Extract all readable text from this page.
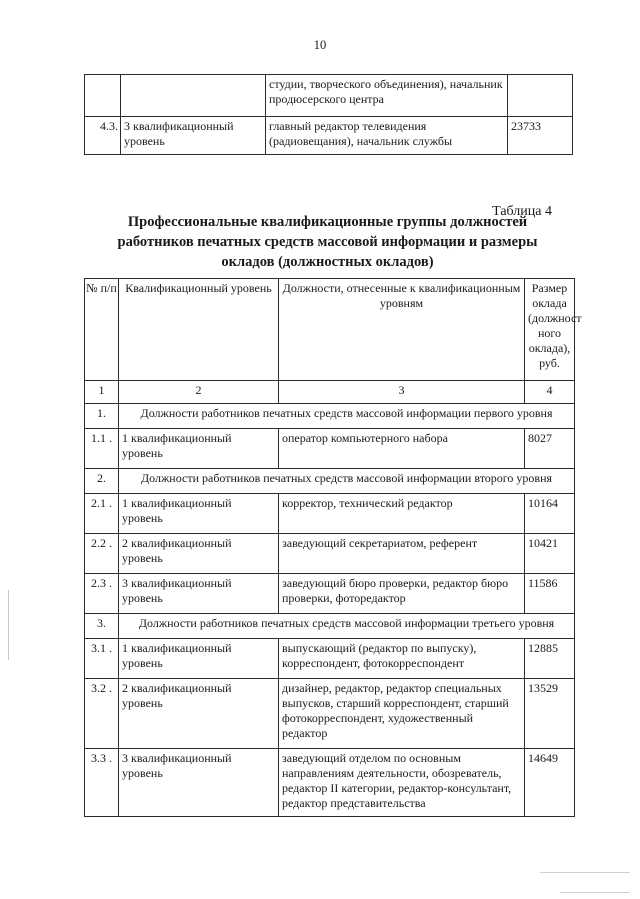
10
		студии, творческого объединения), начальник продюсерского центра	
4.3.	3 квалификационный уровень	главный редактор телевидения (радиовещания), начальник службы	23733
Таблица 4
Профессиональные квалификационные группы должностей
работников печатных средств массовой информации и размеры
окладов (должностных окладов)
№ п/п	Квалификационный уровень	Должности, отнесенные к квалификационным уровням	Размер оклада (должност ного оклада), руб.
1	2	3	4
1.	Должности работников печатных средств массовой информации первого уровня		
1.1 .	1 квалификационный уровень	оператор компьютерного набора	8027
2.	Должности работников печатных средств массовой информации второго уровня		
2.1 .	1 квалификационный уровень	корректор, технический редактор	10164
2.2 .	2 квалификационный уровень	заведующий секретариатом, референт	10421
2.3 .	3 квалификационный уровень	заведующий бюро проверки, редактор бюро проверки, фоторедактор	11586
3.	Должности работников печатных средств массовой информации третьего уровня		
3.1 .	1 квалификационный уровень	выпускающий (редактор по выпуску), корреспондент, фотокорреспондент	12885
3.2 .	2 квалификационный уровень	дизайнер, редактор, редактор специальных выпусков, старший корреспондент, старший фотокорреспондент, художественный редактор	13529
3.3 .	3 квалификационный уровень	заведующий отделом по основным направлениям деятельности, обозреватель, редактор II категории, редактор-консультант, редактор представительства	14649
